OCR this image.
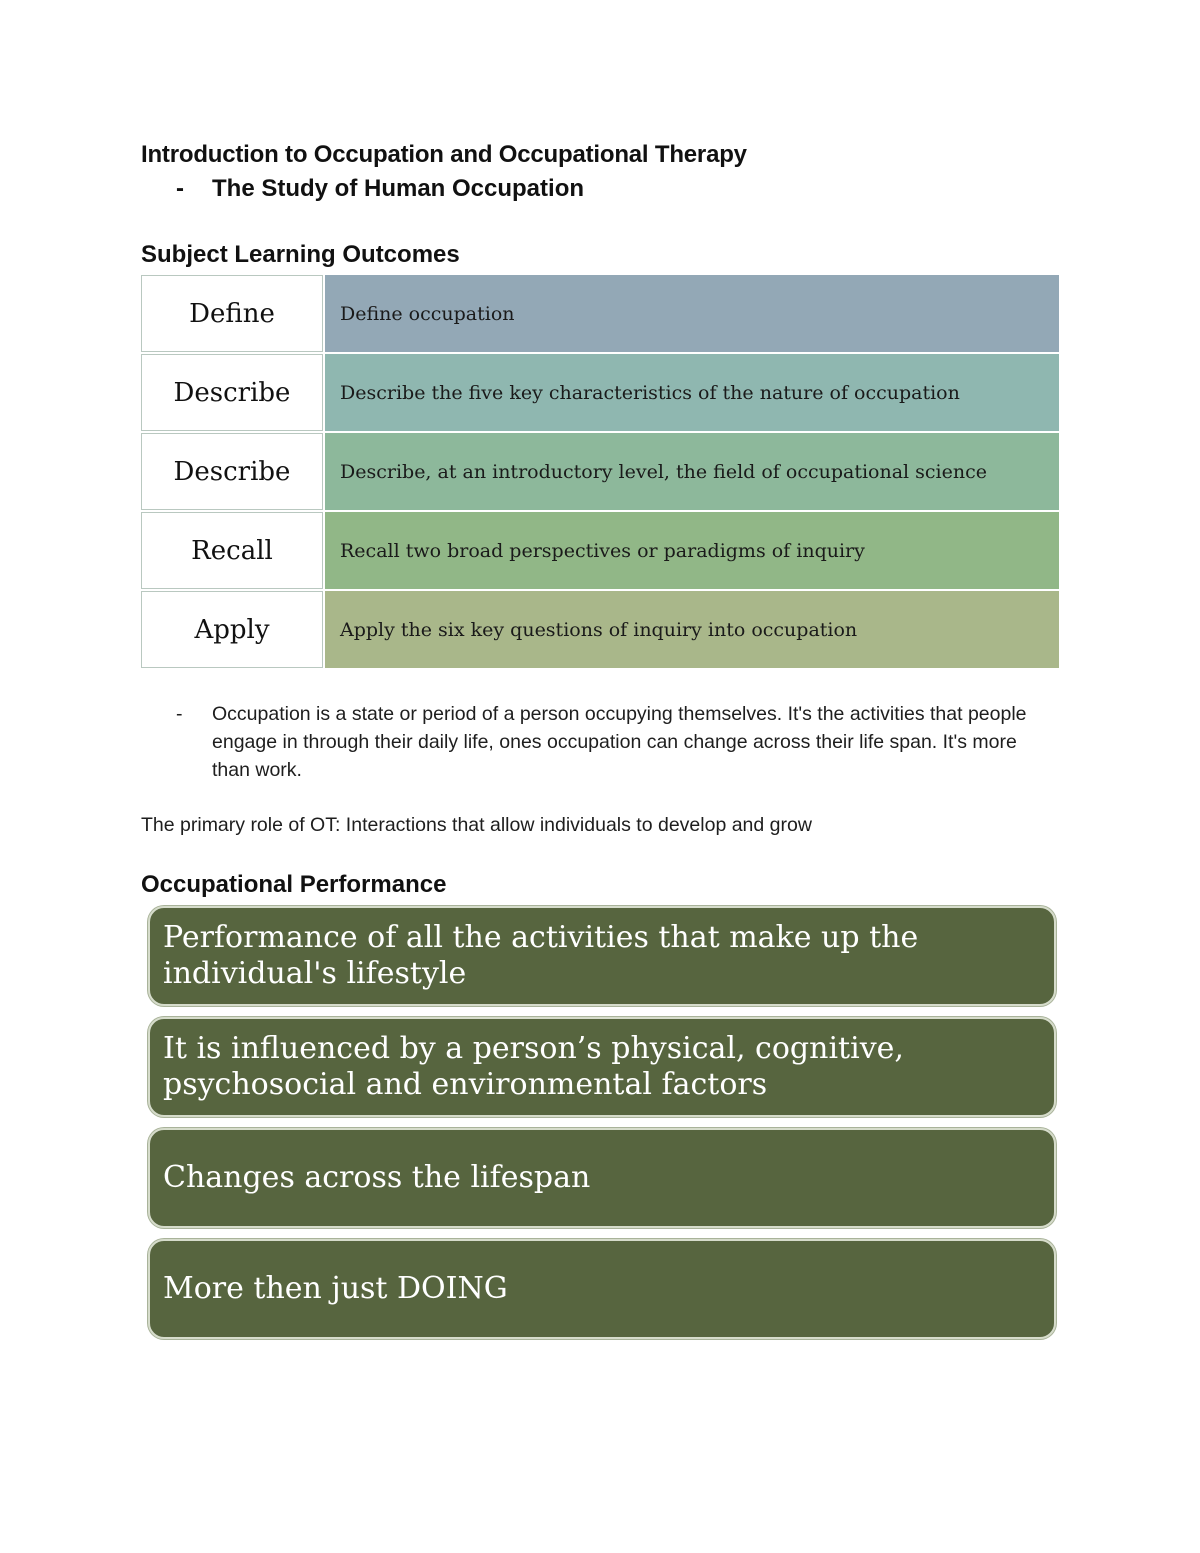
Introduction to Occupation and Occupational Therapy
- The Study of Human Occupation
Subject Learning Outcomes
Define	Define occupation
Describe	Describe the five key characteristics of the nature of occupation
Describe	Describe, at an introductory level, the field of occupational science
Recall	Recall two broad perspectives or paradigms of inquiry
Apply	Apply the six key questions of inquiry into occupation
-	Occupation is a state or period of a person occupying themselves. It's the activities that people engage in through their daily life, ones occupation can change across their life span. It's more than work.
The primary role of OT: Interactions that allow individuals to develop and grow
Occupational Performance
Performance of all the activities that make up the individual's lifestyle
It is influenced by a person’s physical, cognitive, psychosocial and environmental factors
Changes across the lifespan
More then just DOING
